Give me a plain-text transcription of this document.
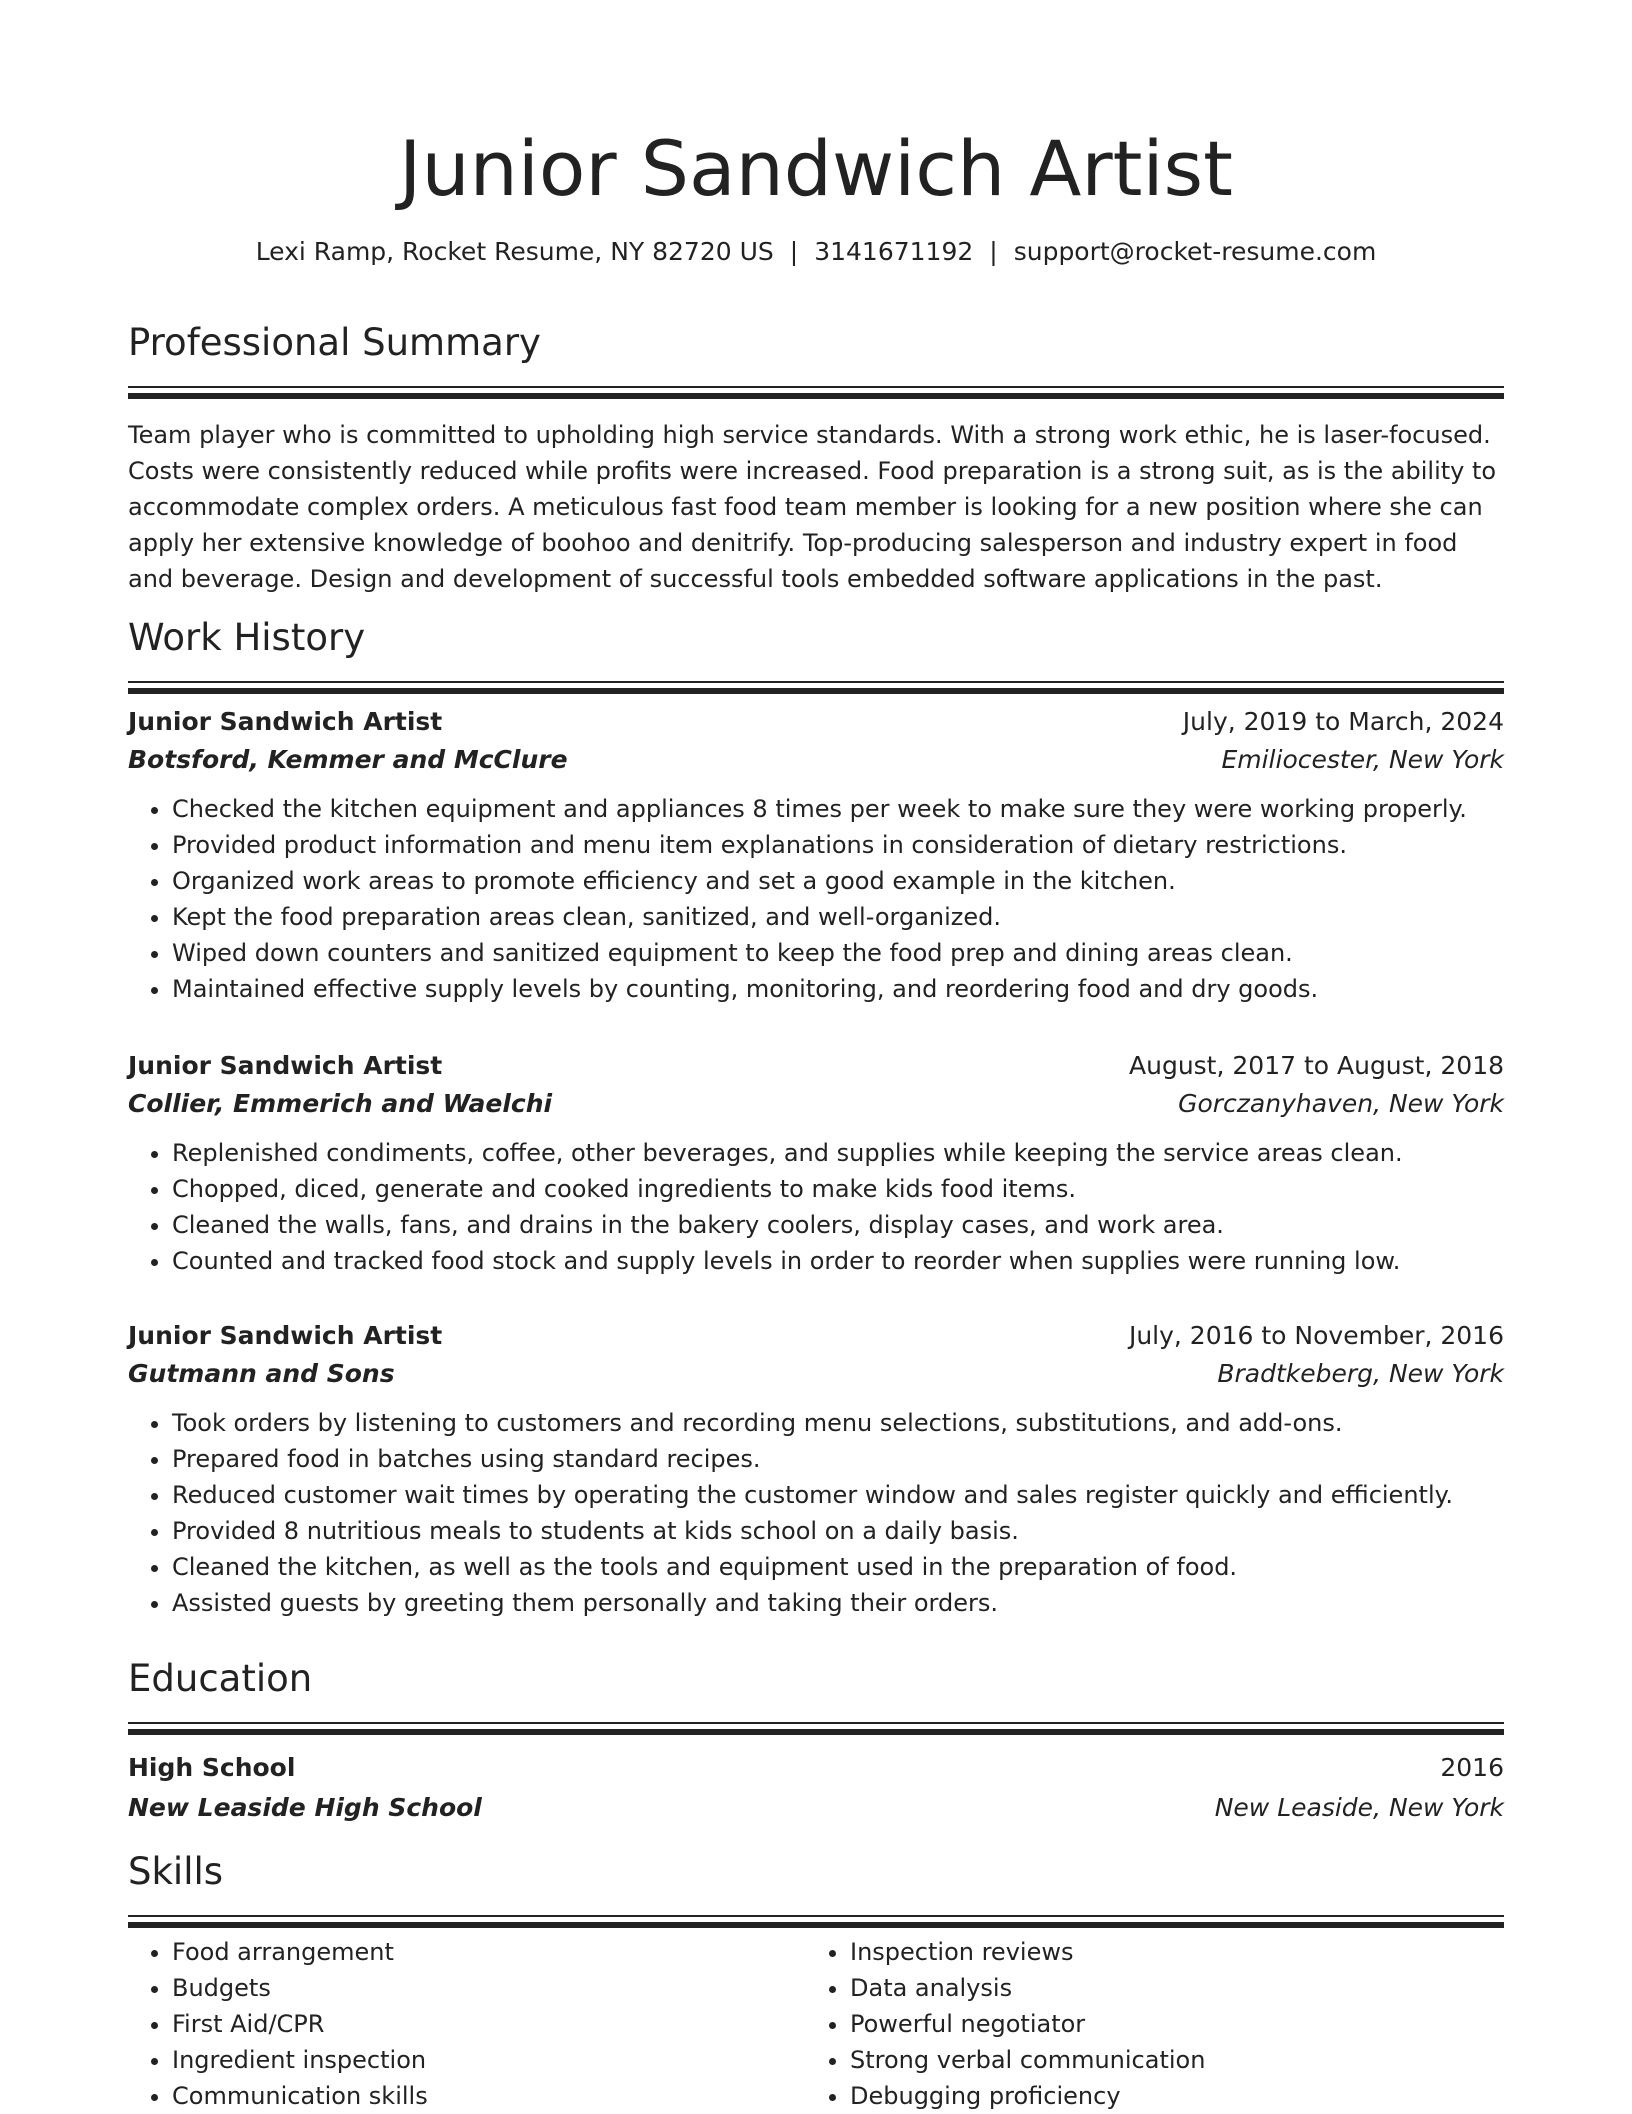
Junior Sandwich Artist
Lexi Ramp, Rocket Resume, NY 82720 US | 3141671192 | support@rocket-resume.com
Professional Summary
Team player who is committed to upholding high service standards. With a strong work ethic, he is laser-focused. Costs were consistently reduced while profits were increased. Food preparation is a strong suit, as is the ability to accommodate complex orders. A meticulous fast food team member is looking for a new position where she can apply her extensive knowledge of boohoo and denitrify. Top-producing salesperson and industry expert in food and beverage. Design and development of successful tools embedded software applications in the past.
Work History
Junior Sandwich Artist	July, 2019 to March, 2024
Botsford, Kemmer and McClure	Emiliocester, New York
• Checked the kitchen equipment and appliances 8 times per week to make sure they were working properly.
• Provided product information and menu item explanations in consideration of dietary restrictions.
• Organized work areas to promote efficiency and set a good example in the kitchen.
• Kept the food preparation areas clean, sanitized, and well-organized.
• Wiped down counters and sanitized equipment to keep the food prep and dining areas clean.
• Maintained effective supply levels by counting, monitoring, and reordering food and dry goods.
Junior Sandwich Artist	August, 2017 to August, 2018
Collier, Emmerich and Waelchi	Gorczanyhaven, New York
• Replenished condiments, coffee, other beverages, and supplies while keeping the service areas clean.
• Chopped, diced, generate and cooked ingredients to make kids food items.
• Cleaned the walls, fans, and drains in the bakery coolers, display cases, and work area.
• Counted and tracked food stock and supply levels in order to reorder when supplies were running low.
Junior Sandwich Artist	July, 2016 to November, 2016
Gutmann and Sons	Bradtkeberg, New York
• Took orders by listening to customers and recording menu selections, substitutions, and add-ons.
• Prepared food in batches using standard recipes.
• Reduced customer wait times by operating the customer window and sales register quickly and efficiently.
• Provided 8 nutritious meals to students at kids school on a daily basis.
• Cleaned the kitchen, as well as the tools and equipment used in the preparation of food.
• Assisted guests by greeting them personally and taking their orders.
Education
High School	2016
New Leaside High School	New Leaside, New York
Skills
• Food arrangement
• Budgets
• First Aid/CPR
• Ingredient inspection
• Communication skills
• Inspection reviews
• Data analysis
• Powerful negotiator
• Strong verbal communication
• Debugging proficiency
